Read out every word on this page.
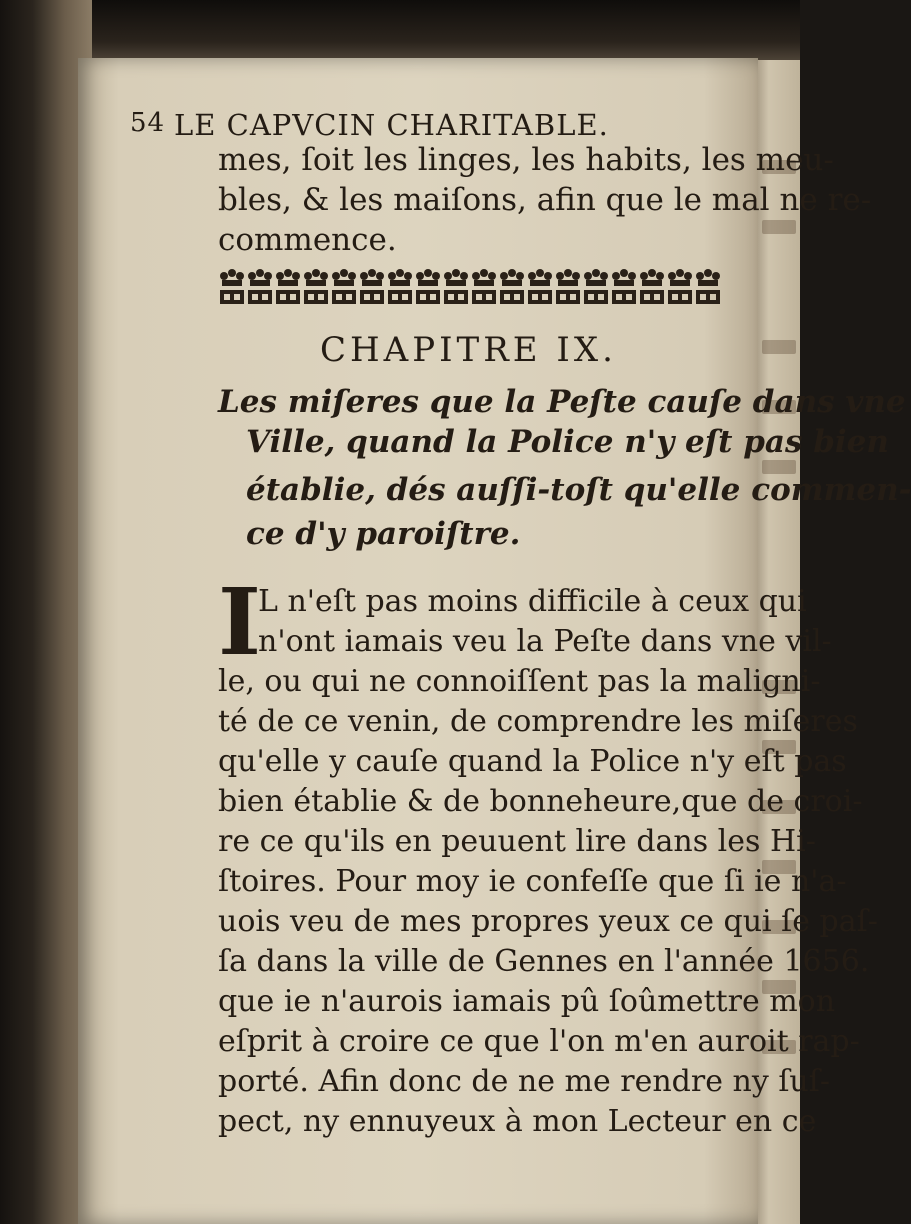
54 LE CAPVCIN CHARITABLE.
mes, ſoit les linges, les habits, les meu-
bles, & les maiſons, afin que le mal ne re-
commence.
CHAPITRE IX.
Les miſeres que la Peſte cauſe dans vne
Ville, quand la Police n'y eſt pas bien
établie, dés auſſi-toſt qu'elle commen-
ce d'y paroiſtre.
I
L n'eſt pas moins difficile à ceux qui
n'ont iamais veu la Peſte dans vne vil-
le, ou qui ne connoiſſent pas la maligni-
té de ce venin, de comprendre les miſeres
qu'elle y cauſe quand la Police n'y eſt pas
bien établie & de bonneheure,que de croi-
re ce qu'ils en peuuent lire dans les Hi-
ſtoires. Pour moy ie confeſſe que ſi ie n'a-
uois veu de mes propres yeux ce qui ſe paſ-
ſa dans la ville de Gennes en l'année 1656.
que ie n'aurois iamais pû ſoûmettre mon
eſprit à croire ce que l'on m'en auroit rap-
porté. Afin donc de ne me rendre ny ſuſ-
pect, ny ennuyeux à mon Lecteur en ce
